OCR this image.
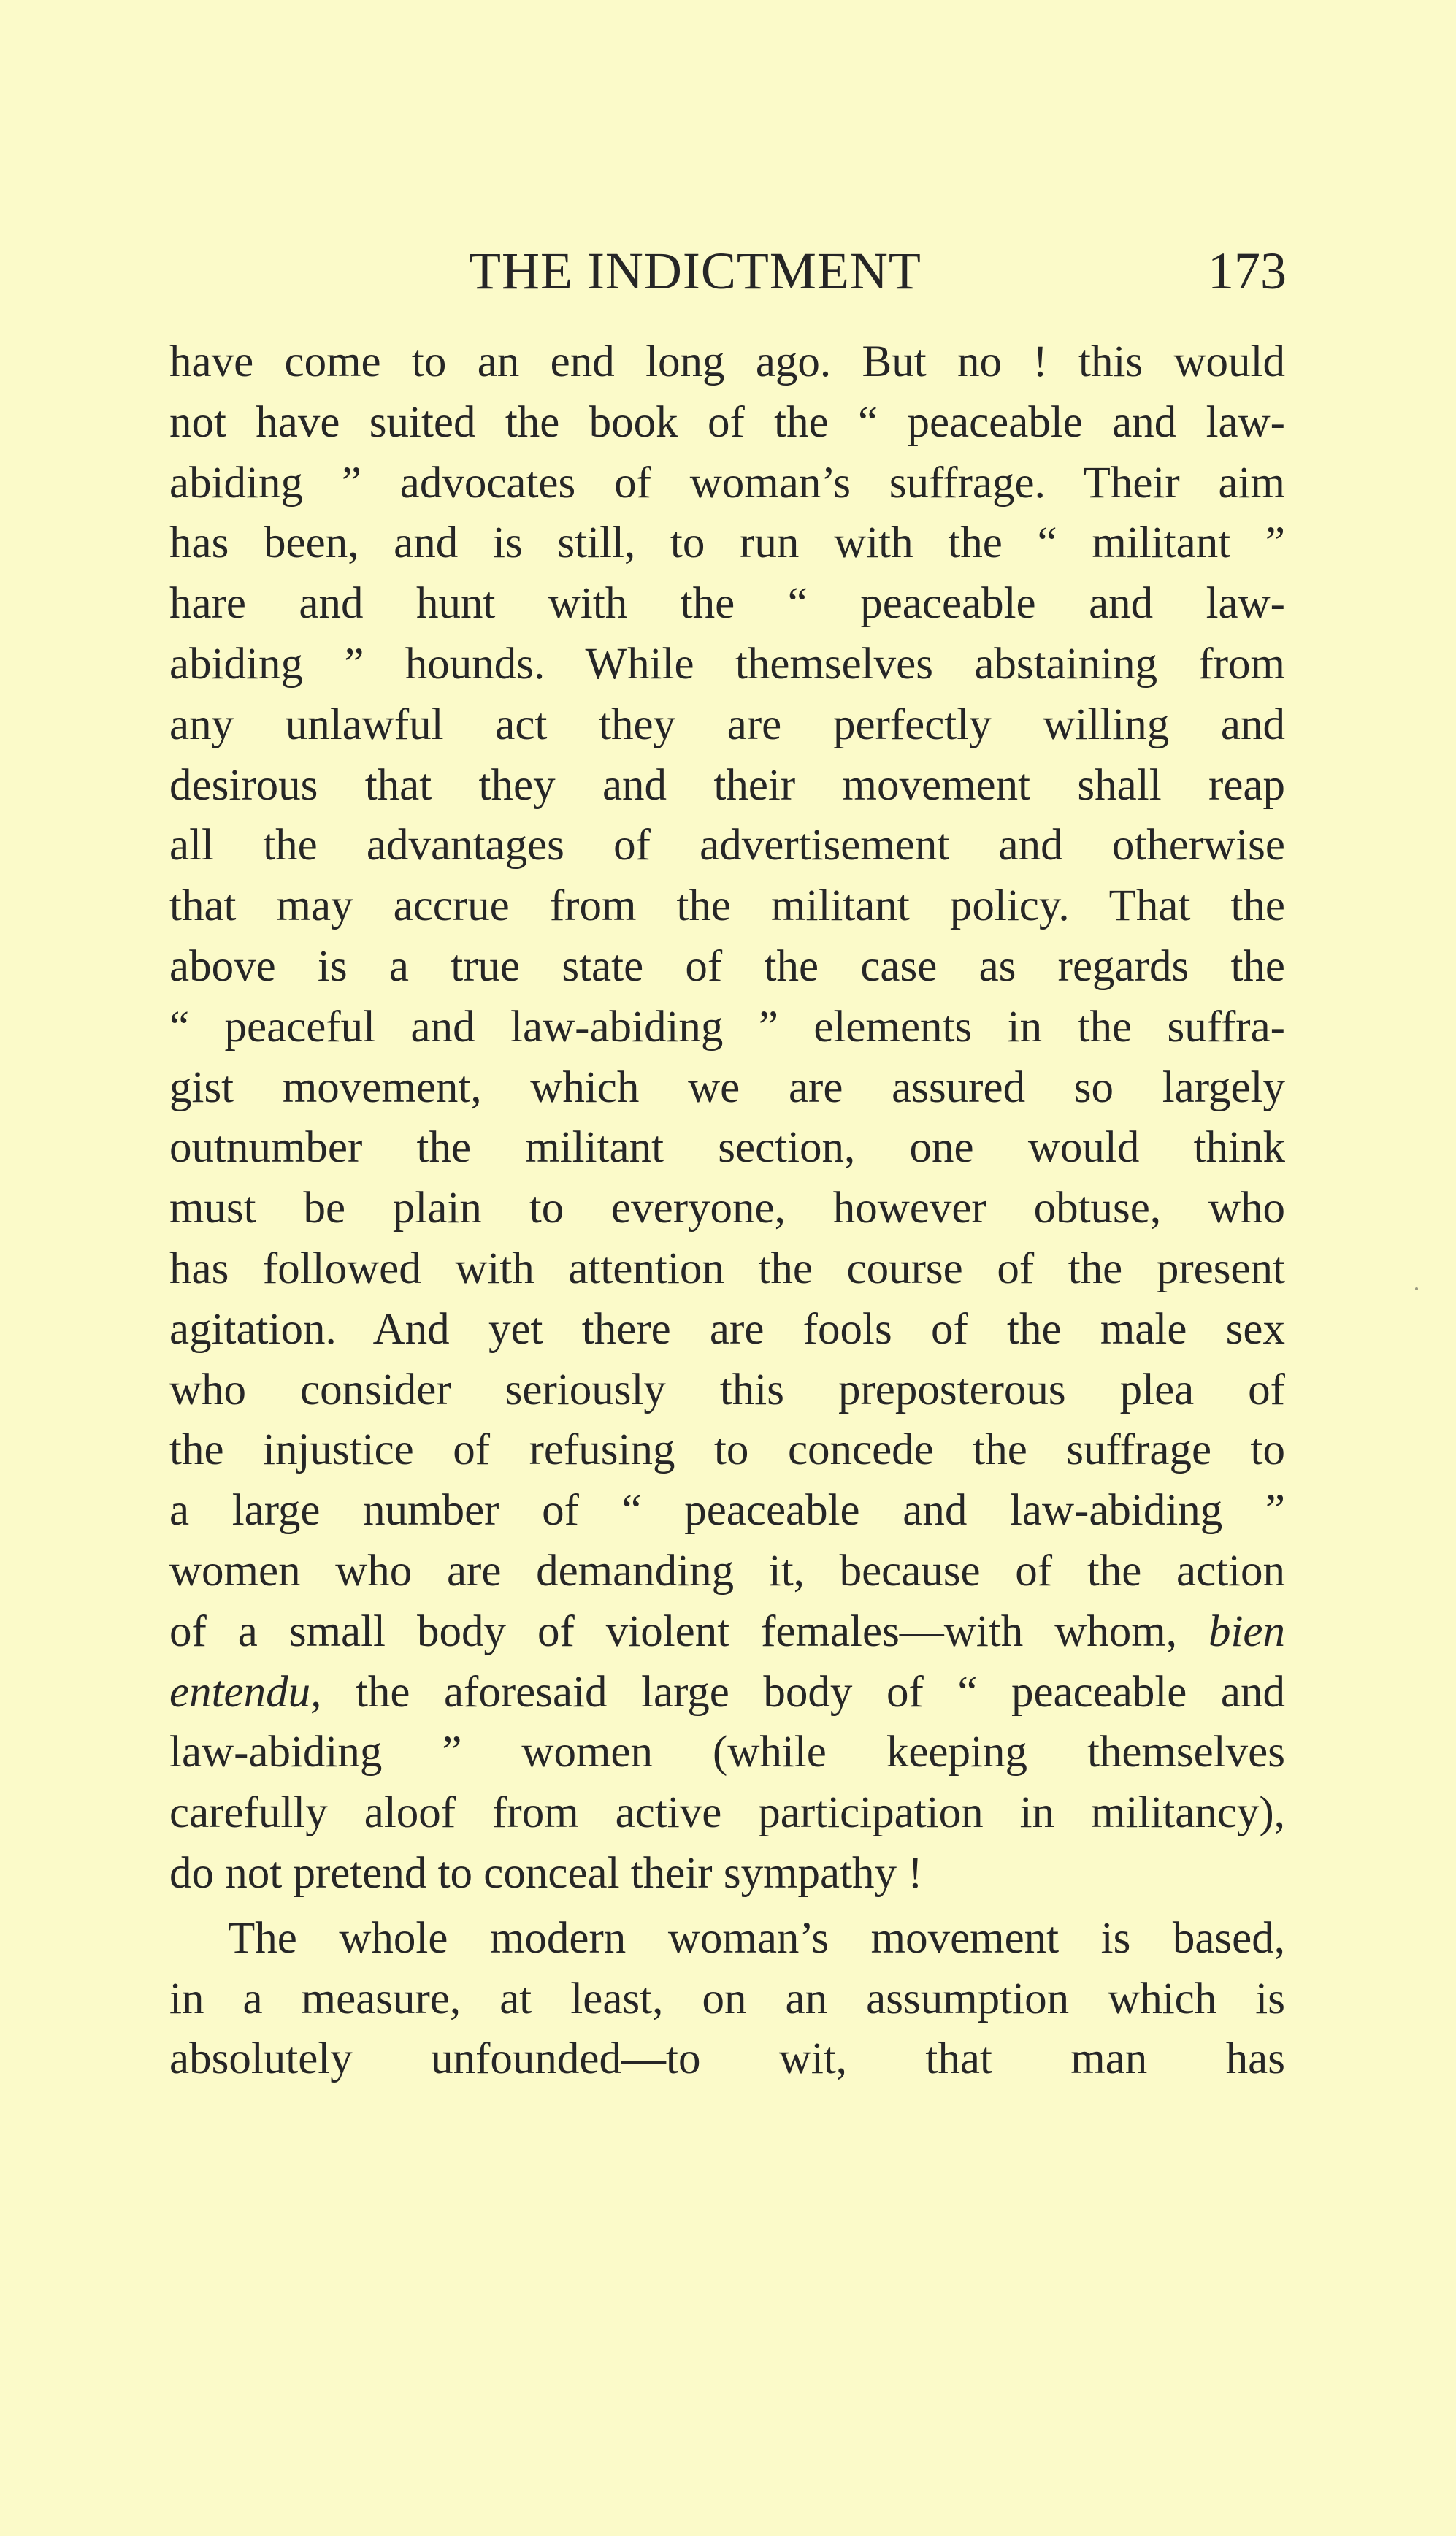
THE INDICTMENT	173
have come to an end long ago. But no ! this would
not have suited the book of the “ peaceable and law-
abiding ” advocates of woman’s suffrage. Their aim
has been, and is still, to run with the “ militant ”
hare and hunt with the “ peaceable and law-
abiding ” hounds. While themselves abstaining from
any unlawful act they are perfectly willing and
desirous that they and their movement shall reap
all the advantages of advertisement and otherwise
that may accrue from the militant policy. That the
above is a true state of the case as regards the
“ peaceful and law-abiding ” elements in the suffra-
gist movement, which we are assured so largely
outnumber the militant section, one would think
must be plain to everyone, however obtuse, who
has followed with attention the course of the present
agitation. And yet there are fools of the male sex
who consider seriously this preposterous plea of
the injustice of refusing to concede the suffrage to
a large number of “ peaceable and law-abiding ”
women who are demanding it, because of the action
of a small body of violent females—with whom, bien
entendu, the aforesaid large body of “ peaceable and
law-abiding ” women (while keeping themselves
carefully aloof from active participation in militancy),
do not pretend to conceal their sympathy !
The whole modern woman’s movement is based,
in a measure, at least, on an assumption which is
absolutely unfounded—to wit, that man has
